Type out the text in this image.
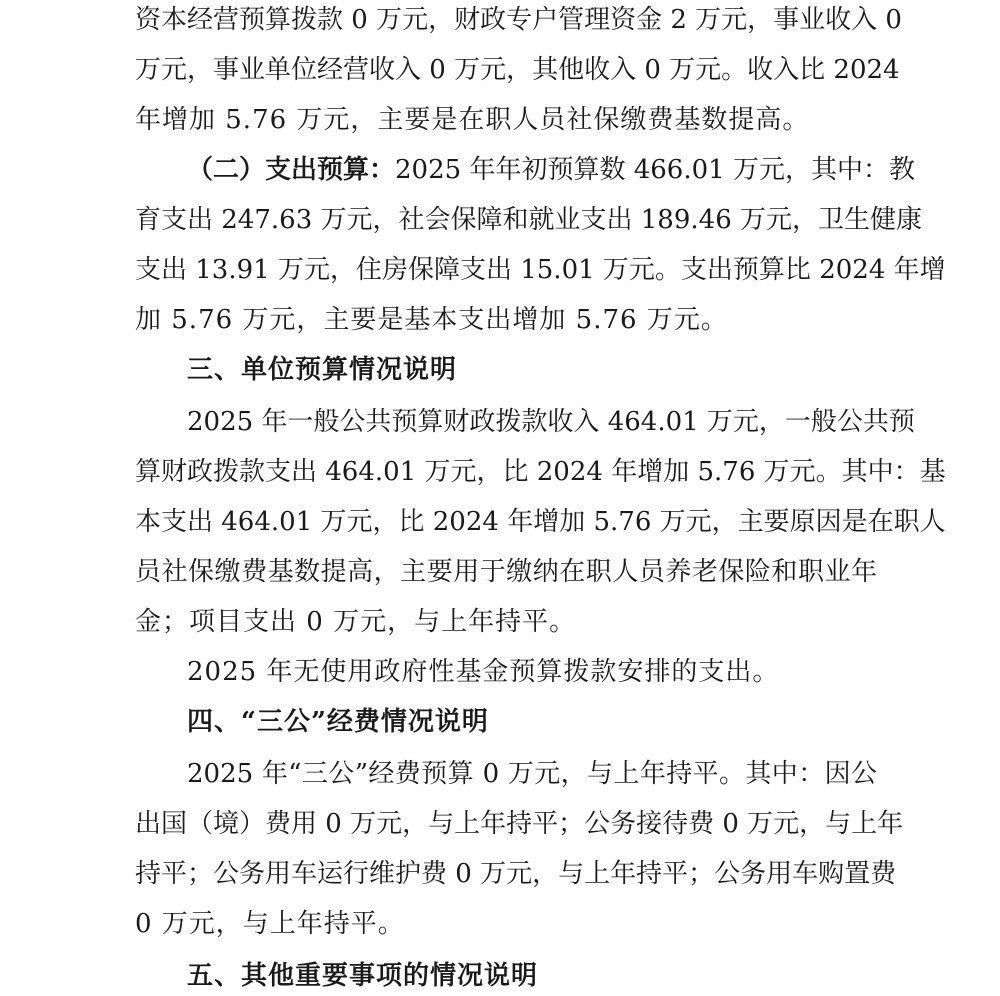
资本经营预算拨款 0 万元，财政专户管理资金 2 万元，事业收入 0
万元，事业单位经营收入 0 万元，其他收入 0 万元。收入比 2024
年增加 5.76 万元，主要是在职人员社保缴费基数提高。
（二）支出预算：2025 年年初预算数 466.01 万元，其中：教
育支出 247.63 万元，社会保障和就业支出 189.46 万元，卫生健康
支出 13.91 万元，住房保障支出 15.01 万元。支出预算比 2024 年增
加 5.76 万元，主要是基本支出增加 5.76 万元。
三、单位预算情况说明
2025 年一般公共预算财政拨款收入 464.01 万元，一般公共预
算财政拨款支出 464.01 万元，比 2024 年增加 5.76 万元。其中：基
本支出 464.01 万元，比 2024 年增加 5.76 万元，主要原因是在职人
员社保缴费基数提高，主要用于缴纳在职人员养老保险和职业年
金；项目支出 0 万元，与上年持平。
2025 年无使用政府性基金预算拨款安排的支出。
四、“三公”经费情况说明
2025 年“三公”经费预算 0 万元，与上年持平。其中：因公
出国（境）费用 0 万元，与上年持平；公务接待费 0 万元，与上年
持平；公务用车运行维护费 0 万元，与上年持平；公务用车购置费
0 万元，与上年持平。
五、其他重要事项的情况说明
